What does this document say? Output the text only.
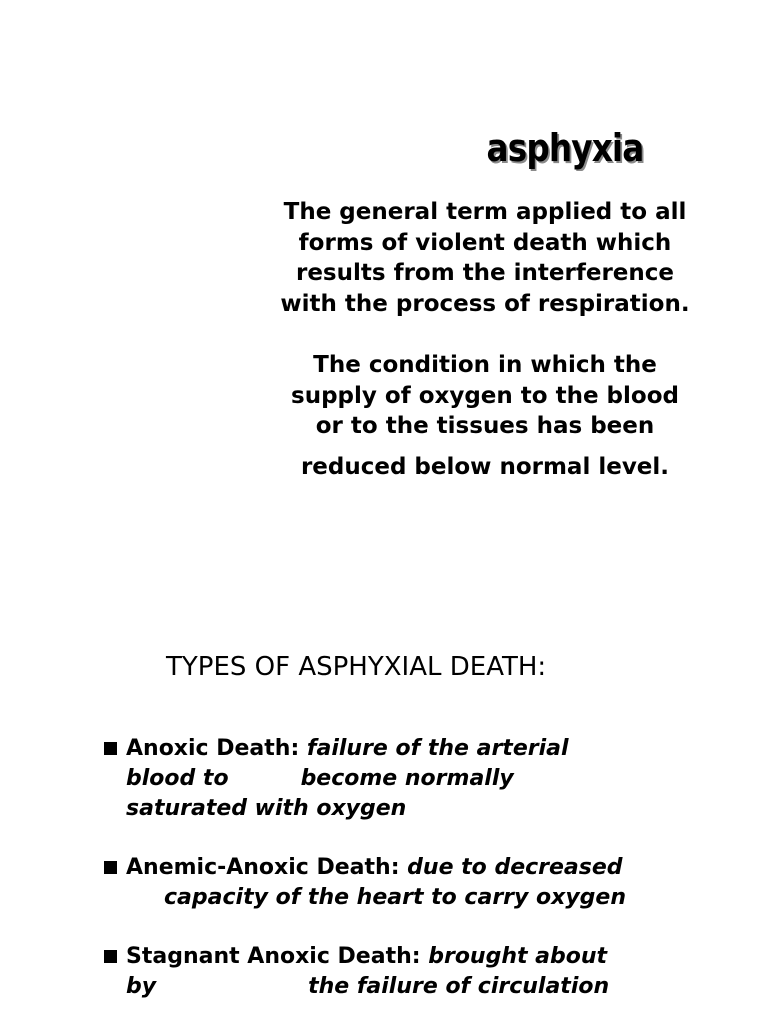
asphyxia
The general term applied to all
forms of violent death which
results from the interference
with the process of respiration.
The condition in which the
supply of oxygen to the blood
or to the tissues has been
reduced below normal level.
TYPES OF ASPHYXIAL DEATH:
Anoxic Death: failure of the arterial
blood to	become normally
saturated with oxygen
Anemic-Anoxic Death: due to decreased
capacity of the heart to carry oxygen
Stagnant Anoxic Death: brought about
by	the failure of circulation
